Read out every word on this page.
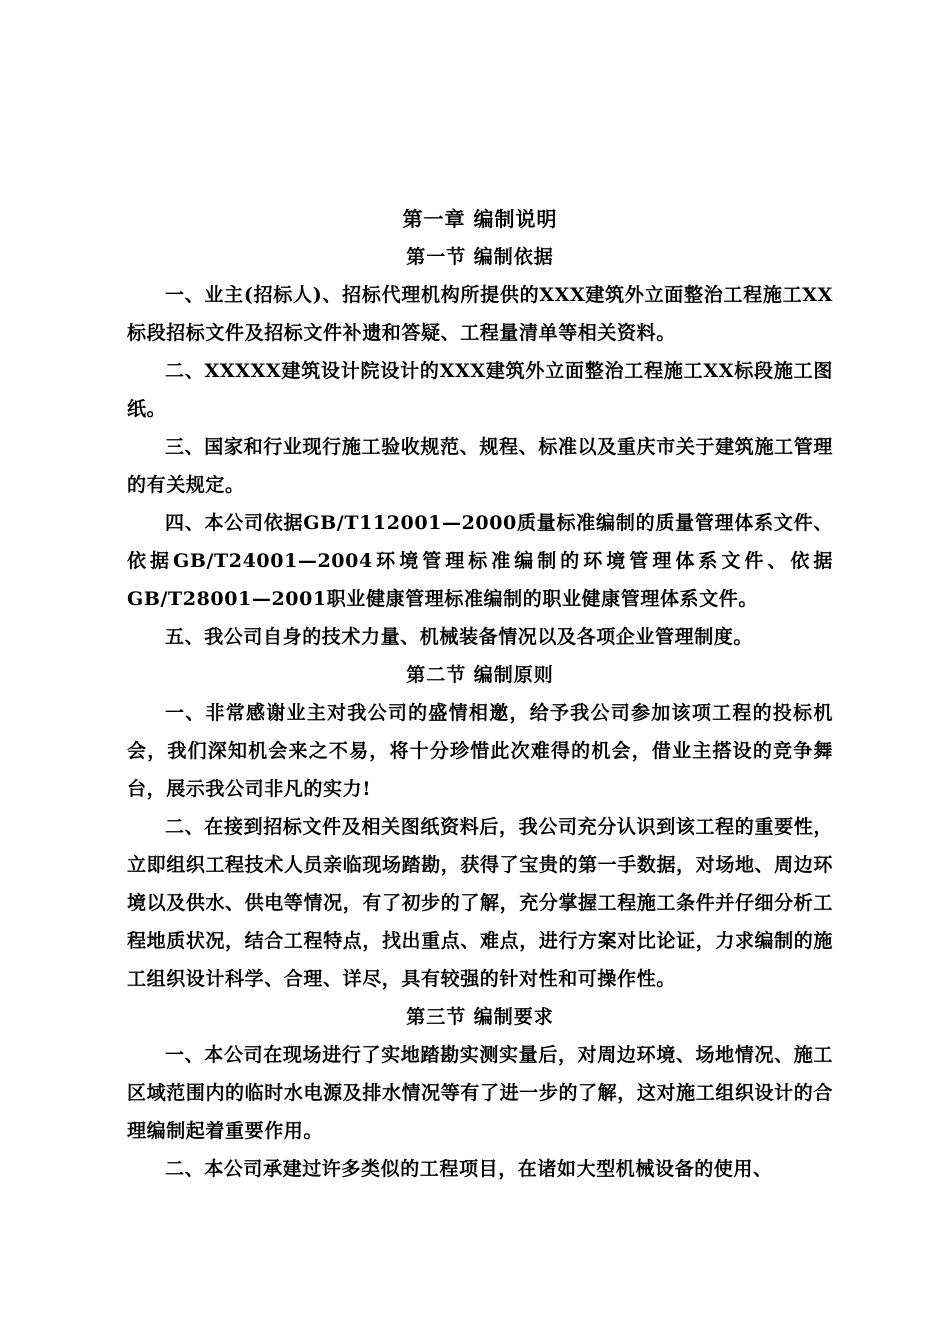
第一章 编制说明
第一节 编制依据

一、业主(招标人)、招标代理机构所提供的XXX建筑外立面整治工程施工XX标段招标文件及招标文件补遗和答疑、工程量清单等相关资料。

二、XXXXX建筑设计院设计的XXX建筑外立面整治工程施工XX标段施工图纸。

三、国家和行业现行施工验收规范、规程、标准以及重庆市关于建筑施工管理的有关规定。

四、本公司依据GB/T112001—2000质量标准编制的质量管理体系文件、依据GB/T24001—2004环境管理标准编制的环境管理体系文件、依据GB/T28001—2001职业健康管理标准编制的职业健康管理体系文件。

五、我公司自身的技术力量、机械装备情况以及各项企业管理制度。

第二节 编制原则

一、非常感谢业主对我公司的盛情相邀，给予我公司参加该项工程的投标机会，我们深知机会来之不易，将十分珍惜此次难得的机会，借业主搭设的竞争舞台，展示我公司非凡的实力!

二、在接到招标文件及相关图纸资料后，我公司充分认识到该工程的重要性，立即组织工程技术人员亲临现场踏勘，获得了宝贵的第一手数据，对场地、周边环境以及供水、供电等情况，有了初步的了解，充分掌握工程施工条件并仔细分析工程地质状况，结合工程特点，找出重点、难点，进行方案对比论证，力求编制的施工组织设计科学、合理、详尽，具有较强的针对性和可操作性。

第三节 编制要求

一、本公司在现场进行了实地踏勘实测实量后，对周边环境、场地情况、施工区域范围内的临时水电源及排水情况等有了进一步的了解，这对施工组织设计的合理编制起着重要作用。

二、本公司承建过许多类似的工程项目，在诸如大型机械设备的使用、
